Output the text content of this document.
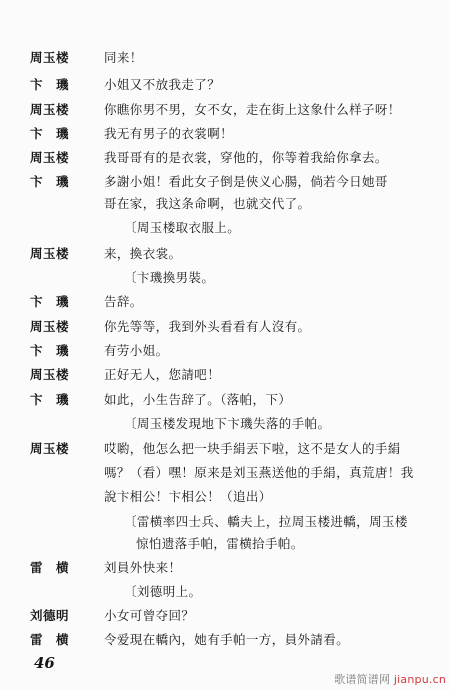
周玉楼	同来！
卞　璣	小姐又不放我走了？
周玉楼	你瞧你男不男，女不女，走在街上这象什么样子呀！
卞　璣	我无有男子的衣裳啊！
周玉楼	我哥哥有的是衣裳，穿他的，你等着我給你拿去。
卞　璣	多謝小姐！看此女子倒是俠义心腸，倘若今日她哥
哥在家，我这条命啊，也就交代了。
〔周玉楼取衣服上。
周玉楼	来，換衣裳。
〔卞璣換男裝。
卞　璣	告辞。
周玉楼	你先等等，我到外头看看有人沒有。
卞　璣	有劳小姐。
周玉楼	正好无人，您請吧！
卞　璣	如此，小生告辞了。（落帕，下）
〔周玉楼发現地下卞璣失落的手帕。
周玉楼	哎喲，他怎么把一块手絹丟下啦，这不是女人的手絹
嗎？（看）嘿！原来是刘玉燕送他的手絹，真荒唐！我
說卞相公！卞相公！（追出）
〔雷横率四士兵、轎夫上，拉周玉楼进轎，周玉楼
惊怕遗落手帕，雷横拾手帕。
雷　横	刘員外快来！
〔刘德明上。
刘德明	小女可曾夺回？
雷　横	令爱現在轎內，她有手帕一方，員外請看。
46
歌谱简谱网 jianpu.cn
